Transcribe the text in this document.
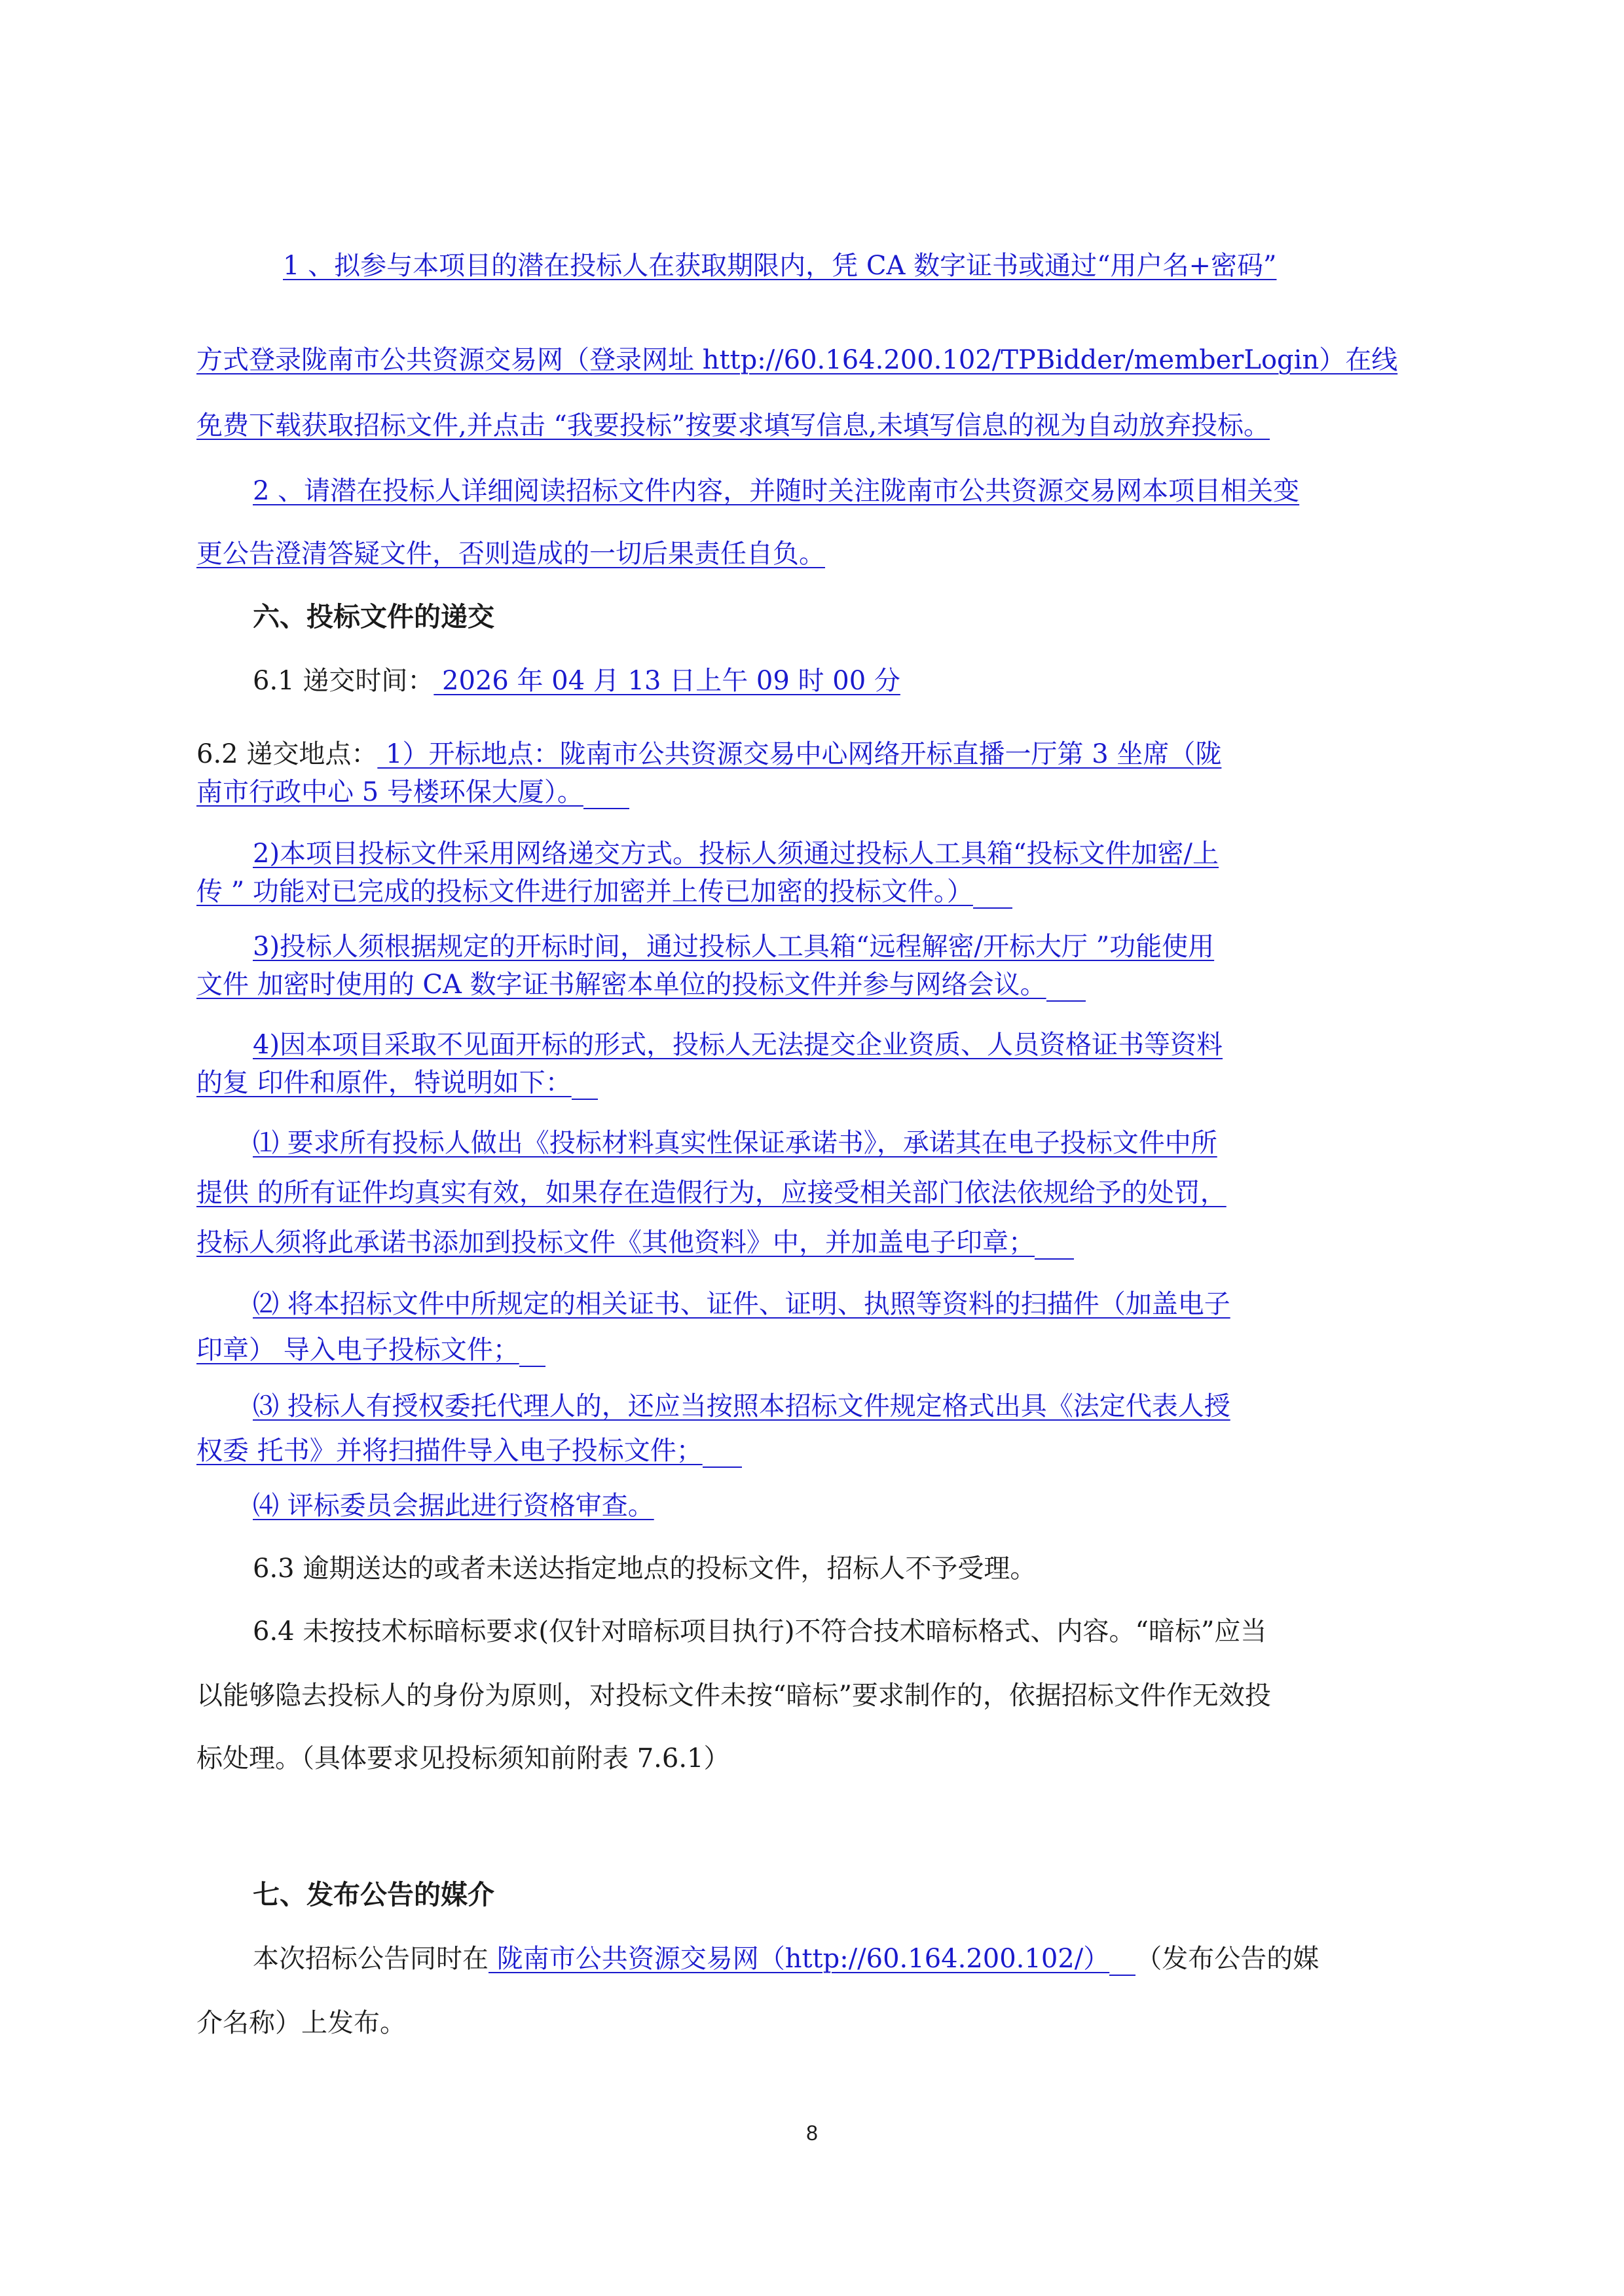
1 、拟参与本项目的潜在投标人在获取期限内，凭 CA 数字证书或通过“用户名+密码”
方式登录陇南市公共资源交易网（登录网址 http://60.164.200.102/TPBidder/memberLogin）在线
免费下载获取招标文件,并点击 “我要投标”按要求填写信息,未填写信息的视为自动放弃投标。
2 、请潜在投标人详细阅读招标文件内容，并随时关注陇南市公共资源交易网本项目相关变
更公告澄清答疑文件，否则造成的一切后果责任自负。
六、投标文件的递交
6.1 递交时间： 2026 年 04 月 13 日上午 09 时 00 分
6.2 递交地点： 1）开标地点：陇南市公共资源交易中心网络开标直播一厅第 3 坐席（陇
南市行政中心 5 号楼环保大厦）。
2)本项目投标文件采用网络递交方式。投标人须通过投标人工具箱“投标文件加密/上
传 ” 功能对已完成的投标文件进行加密并上传已加密的投标文件。）
3)投标人须根据规定的开标时间，通过投标人工具箱“远程解密/开标大厅 ”功能使用
文件 加密时使用的 CA 数字证书解密本单位的投标文件并参与网络会议。
4)因本项目采取不见面开标的形式，投标人无法提交企业资质、人员资格证书等资料
的复 印件和原件，特说明如下：
⑴ 要求所有投标人做出《投标材料真实性保证承诺书》，承诺其在电子投标文件中所
提供 的所有证件均真实有效，如果存在造假行为，应接受相关部门依法依规给予的处罚，
投标人须将此承诺书添加到投标文件《其他资料》中，并加盖电子印章；
⑵ 将本招标文件中所规定的相关证书、证件、证明、执照等资料的扫描件（加盖电子
印章） 导入电子投标文件；
⑶ 投标人有授权委托代理人的，还应当按照本招标文件规定格式出具《法定代表人授
权委 托书》并将扫描件导入电子投标文件；
⑷ 评标委员会据此进行资格审查。
6.3 逾期送达的或者未送达指定地点的投标文件，招标人不予受理。
6.4 未按技术标暗标要求(仅针对暗标项目执行)不符合技术暗标格式、内容。“暗标”应当
以能够隐去投标人的身份为原则，对投标文件未按“暗标”要求制作的，依据招标文件作无效投
标处理。（具体要求见投标须知前附表 7.6.1）
七、发布公告的媒介
本次招标公告同时在 陇南市公共资源交易网（http://60.164.200.102/） （发布公告的媒
介名称）上发布。
8
